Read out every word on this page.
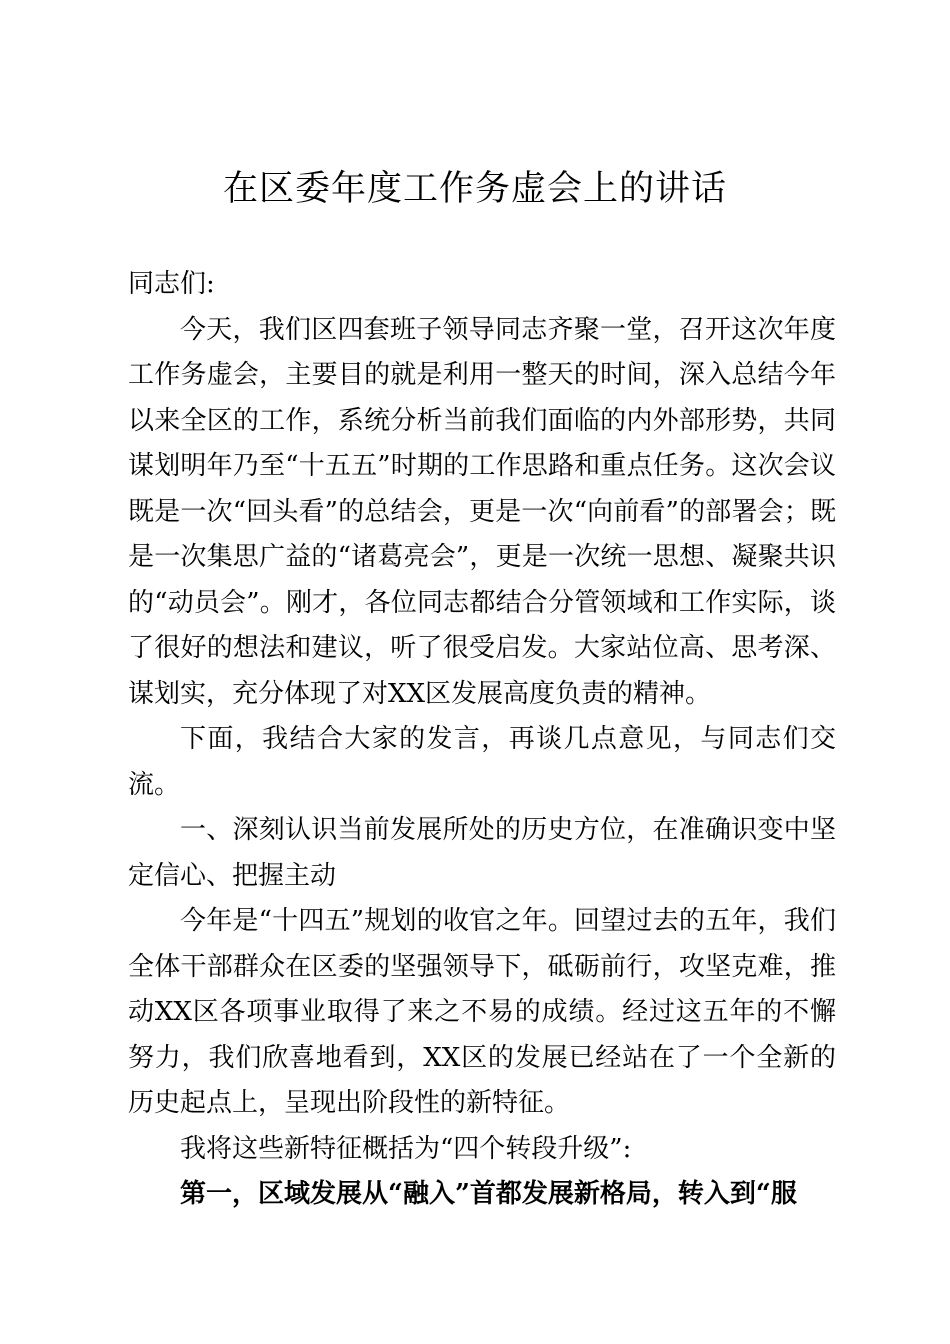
在区委年度工作务虚会上的讲话

同志们:

今天，我们区四套班子领导同志齐聚一堂，召开这次年度工作务虚会，主要目的就是利用一整天的时间，深入总结今年以来全区的工作，系统分析当前我们面临的内外部形势，共同谋划明年乃至“十五五”时期的工作思路和重点任务。这次会议既是一次“回头看”的总结会，更是一次“向前看”的部署会；既是一次集思广益的“诸葛亮会”，更是一次统一思想、凝聚共识的“动员会”。刚才，各位同志都结合分管领域和工作实际，谈了很好的想法和建议，听了很受启发。大家站位高、思考深、谋划实，充分体现了对XX区发展高度负责的精神。

下面，我结合大家的发言，再谈几点意见，与同志们交流。

一、深刻认识当前发展所处的历史方位，在准确识变中坚定信心、把握主动

今年是“十四五”规划的收官之年。回望过去的五年，我们全体干部群众在区委的坚强领导下，砥砺前行，攻坚克难，推动XX区各项事业取得了来之不易的成绩。经过这五年的不懈努力，我们欣喜地看到，XX区的发展已经站在了一个全新的历史起点上，呈现出阶段性的新特征。

我将这些新特征概括为“四个转段升级”:

第一，区域发展从“融入”首都发展新格局，转入到“服
